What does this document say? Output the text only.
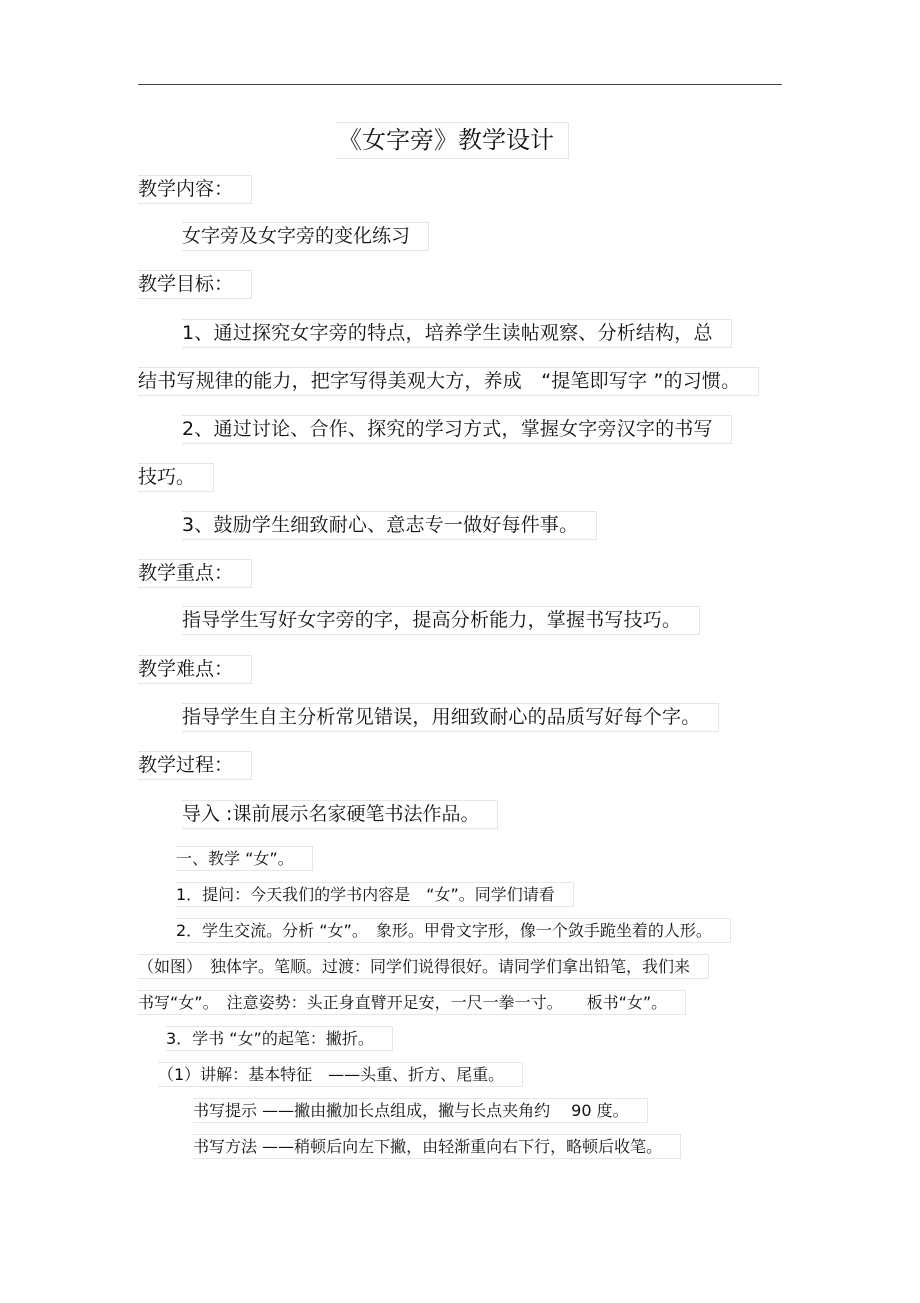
《女字旁》教学设计
教学内容：
女字旁及女字旁的变化练习
教学目标：
1、通过探究女字旁的特点，培养学生读帖观察、分析结构，总
结书写规律的能力，把字写得美观大方，养成　“提笔即写字 ”的习惯。
2、通过讨论、合作、探究的学习方式，掌握女字旁汉字的书写
技巧。
3、鼓励学生细致耐心、意志专一做好每件事。
教学重点：
指导学生写好女字旁的字，提高分析能力，掌握书写技巧。
教学难点：
指导学生自主分析常见错误，用细致耐心的品质写好每个字。
教学过程：
导入 :课前展示名家硬笔书法作品。
一、教学 “女”。
1．提问：今天我们的学书内容是　“女”。同学们请看
2．学生交流。分析 “女”。　象形。甲骨文字形，像一个敛手跪坐着的人形。
（如图）　独体字。笔顺。过渡：同学们说得很好。请同学们拿出铅笔，我们来
书写“女”。　注意姿势：头正身直臂开足安，一尺一拳一寸。　　板书“女”。
3．学书 “女”的起笔：撇折。
（1）讲解：基本特征　——头重、折方、尾重。
书写提示 ——撇由撇加长点组成，撇与长点夹角约　 90 度。
书写方法 ——稍顿后向左下撇，由轻渐重向右下行，略顿后收笔。
